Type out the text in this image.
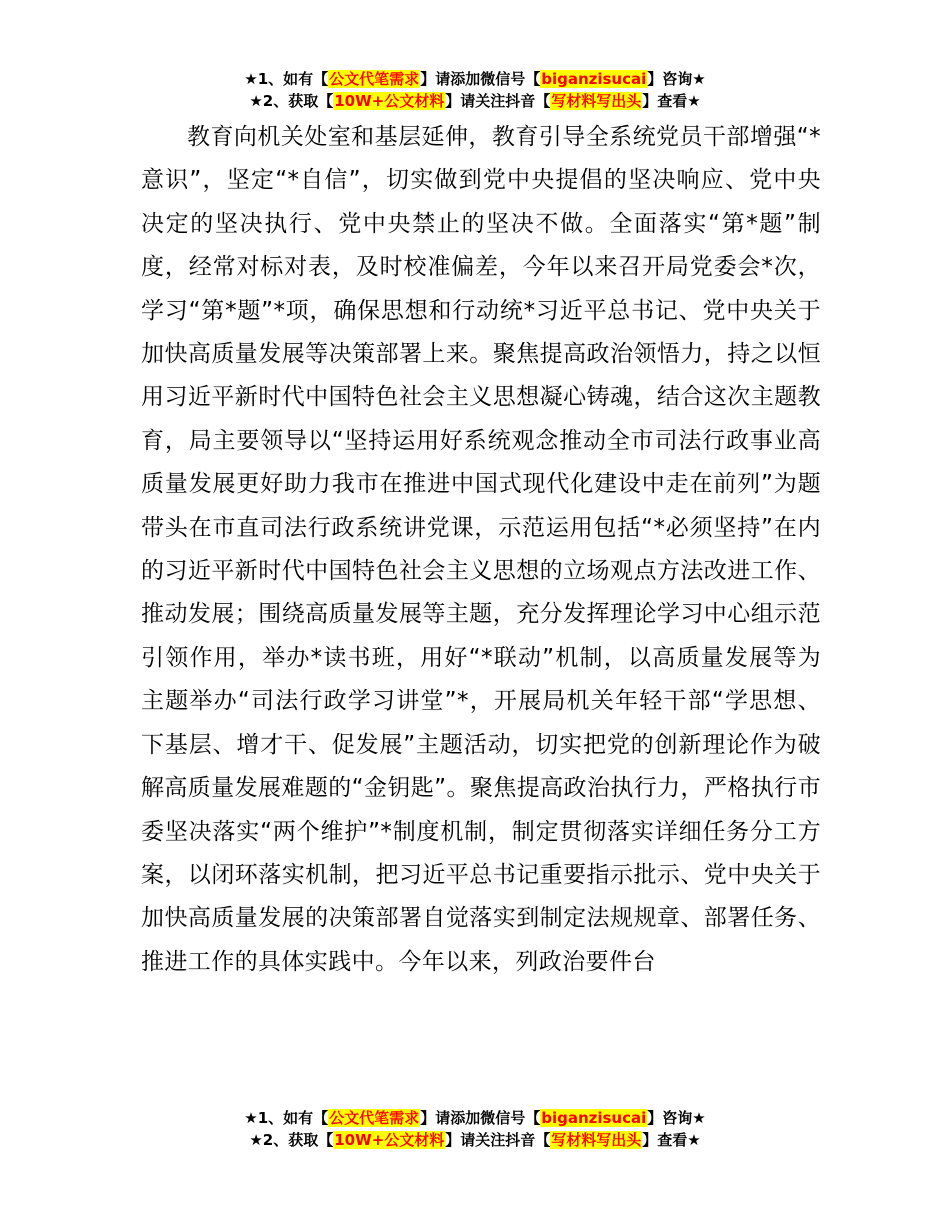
★1、如有【公文代笔需求】请添加微信号【biganzisucai】咨询★
★2、获取【10W+公文材料】请关注抖音【写材料写出头】查看★

教育向机关处室和基层延伸，教育引导全系统党员干部增强“*意识”，坚定“*自信”，切实做到党中央提倡的坚决响应、党中央决定的坚决执行、党中央禁止的坚决不做。全面落实“第*题”制度，经常对标对表，及时校准偏差，今年以来召开局党委会*次，学习“第*题”*项，确保思想和行动统*习近平总书记、党中央关于加快高质量发展等决策部署上来。聚焦提高政治领悟力，持之以恒用习近平新时代中国特色社会主义思想凝心铸魂，结合这次主题教育，局主要领导以“坚持运用好系统观念推动全市司法行政事业高质量发展更好助力我市在推进中国式现代化建设中走在前列”为题带头在市直司法行政系统讲党课，示范运用包括“*必须坚持”在内的习近平新时代中国特色社会主义思想的立场观点方法改进工作、推动发展；围绕高质量发展等主题，充分发挥理论学习中心组示范引领作用，举办*读书班，用好“*联动”机制，以高质量发展等为主题举办“司法行政学习讲堂”*，开展局机关年轻干部“学思想、下基层、增才干、促发展”主题活动，切实把党的创新理论作为破解高质量发展难题的“金钥匙”。聚焦提高政治执行力，严格执行市委坚决落实“两个维护”*制度机制，制定贯彻落实详细任务分工方案，以闭环落实机制，把习近平总书记重要指示批示、党中央关于加快高质量发展的决策部署自觉落实到制定法规规章、部署任务、推进工作的具体实践中。今年以来，列政治要件台

★1、如有【公文代笔需求】请添加微信号【biganzisucai】咨询★
★2、获取【10W+公文材料】请关注抖音【写材料写出头】查看★
